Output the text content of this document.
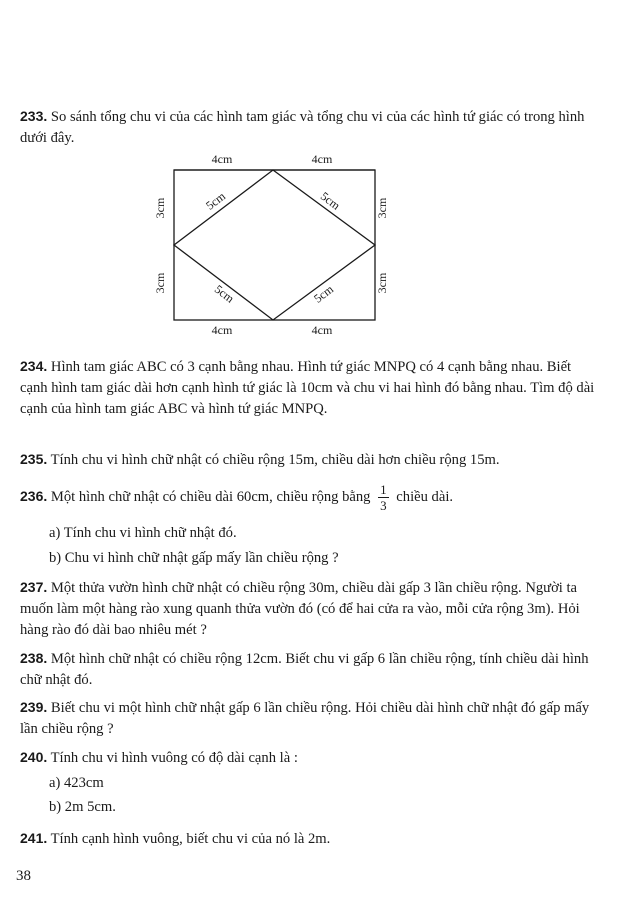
233. So sánh tổng chu vi của các hình tam giác và tổng chu vi của các hình tứ giác có trong hình dưới đây.
4cm	4cm
4cm	4cm
3cm
3cm
3cm
3cm
5cm	5cm
5cm	5cm
234. Hình tam giác ABC có 3 cạnh bằng nhau. Hình tứ giác MNPQ có 4 cạnh bằng nhau. Biết cạnh hình tam giác dài hơn cạnh hình tứ giác là 10cm và chu vi hai hình đó bằng nhau. Tìm độ dài cạnh của hình tam giác ABC và hình tứ giác MNPQ.
235. Tính chu vi hình chữ nhật có chiều rộng 15m, chiều dài hơn chiều rộng 15m.
236. Một hình chữ nhật có chiều dài 60cm, chiều rộng bằng $\frac{1}{3}$ chiều dài.
a) Tính chu vi hình chữ nhật đó.
b) Chu vi hình chữ nhật gấp mấy lần chiều rộng ?
237. Một thửa vườn hình chữ nhật có chiều rộng 30m, chiều dài gấp 3 lần chiều rộng. Người ta muốn làm một hàng rào xung quanh thửa vườn đó (có để hai cửa ra vào, mỗi cửa rộng 3m). Hỏi hàng rào đó dài bao nhiêu mét ?
238. Một hình chữ nhật có chiều rộng 12cm. Biết chu vi gấp 6 lần chiều rộng, tính chiều dài hình chữ nhật đó.
239. Biết chu vi một hình chữ nhật gấp 6 lần chiều rộng. Hỏi chiều dài hình chữ nhật đó gấp mấy lần chiều rộng ?
240. Tính chu vi hình vuông có độ dài cạnh là :
a) 423cm
b) 2m 5cm.
241. Tính cạnh hình vuông, biết chu vi của nó là 2m.
38
